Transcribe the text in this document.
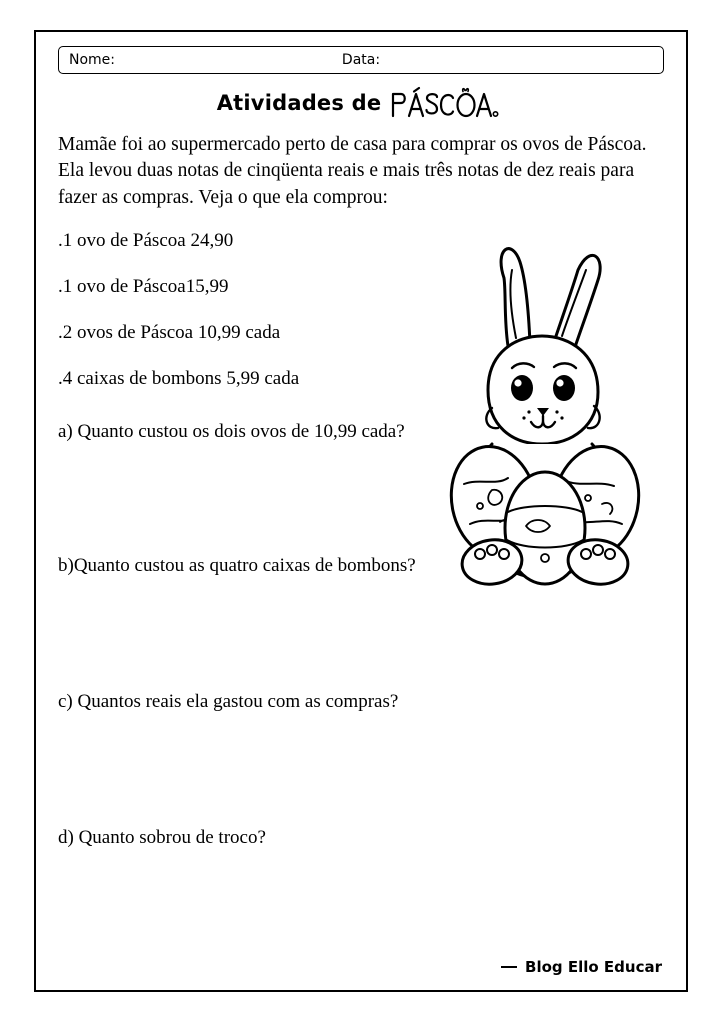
Nome:	Data:
Atividades de

Mamãe foi ao supermercado perto de casa para comprar os ovos de Páscoa. Ela levou duas notas de cinqüenta reais e mais três notas de dez reais para fazer as compras. Veja o que ela comprou:

.1 ovo de Páscoa 24,90
.1 ovo de Páscoa15,99
.2 ovos de Páscoa 10,99 cada
.4 caixas de bombons 5,99 cada
a) Quanto custou os dois ovos de 10,99 cada?
b)Quanto custou as quatro caixas de bombons?
c) Quantos reais ela gastou com as compras?
d) Quanto sobrou de troco?
Blog Ello Educar
